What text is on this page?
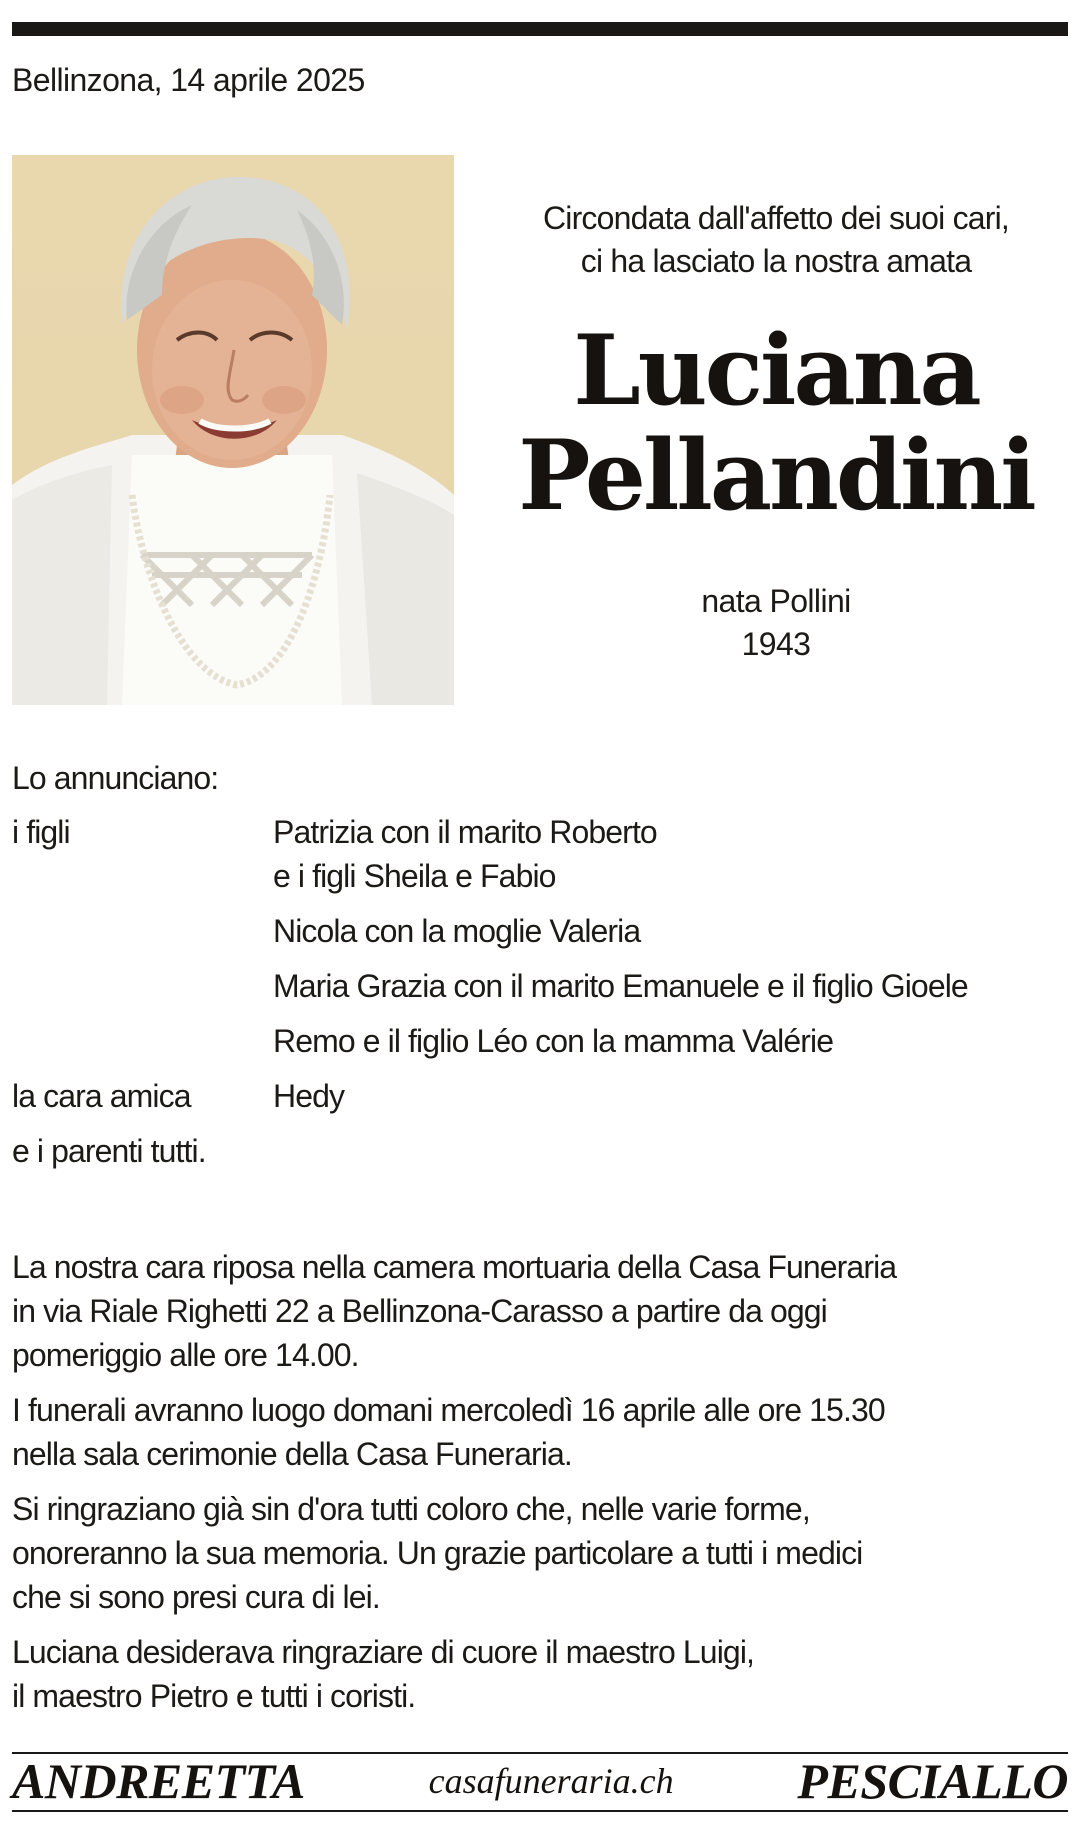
Bellinzona, 14 aprile 2025
Circondata dall'affetto dei suoi cari,
ci ha lasciato la nostra amata
Luciana
Pellandini
nata Pollini
1943
Lo annunciano:
i figli	Patrizia con il marito Roberto
e i figli Sheila e Fabio
Nicola con la moglie Valeria
Maria Grazia con il marito Emanuele e il figlio Gioele
Remo e il figlio Léo con la mamma Valérie
la cara amica	Hedy
e i parenti tutti.

La nostra cara riposa nella camera mortuaria della Casa Funeraria
in via Riale Righetti 22 a Bellinzona-Carasso a partire da oggi
pomeriggio alle ore 14.00.

I funerali avranno luogo domani mercoledì 16 aprile alle ore 15.30
nella sala cerimonie della Casa Funeraria.

Si ringraziano già sin d'ora tutti coloro che, nelle varie forme,
onoreranno la sua memoria. Un grazie particolare a tutti i medici
che si sono presi cura di lei.

Luciana desiderava ringraziare di cuore il maestro Luigi,
il maestro Pietro e tutti i coristi.

ANDREETTA	casafuneraria.ch PESCIALLO
